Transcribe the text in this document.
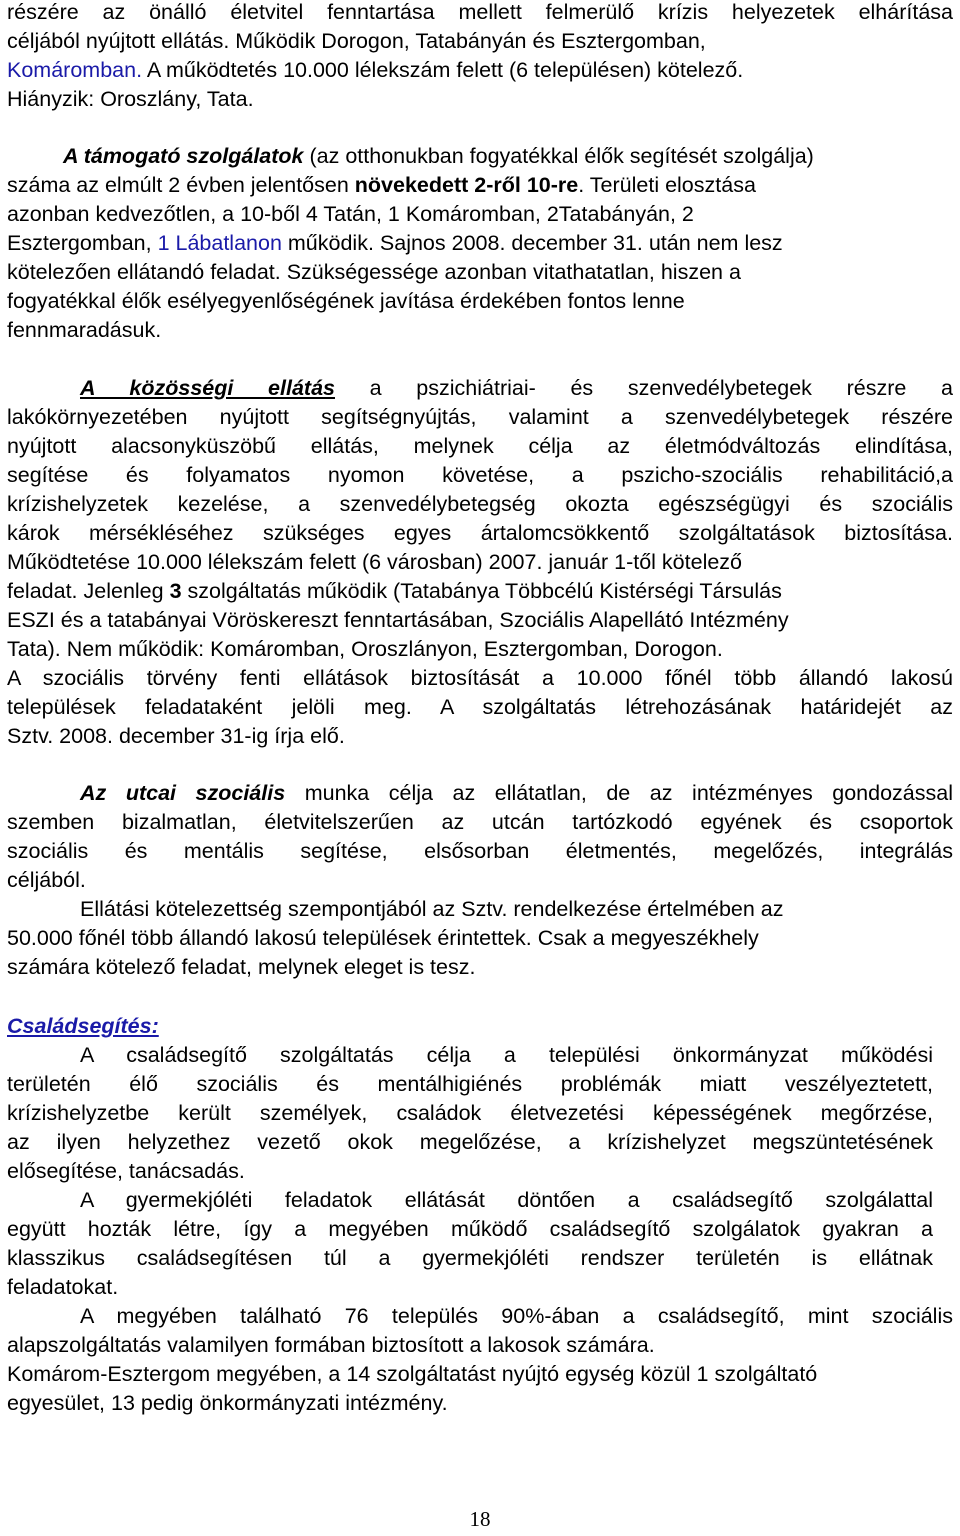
részére az önálló életvitel fenntartása mellett felmerülő krízis helyezetek elhárítása
céljából nyújtott ellátás. Működik Dorogon, Tatabányán és Esztergomban,
Komáromban. A működtetés 10.000 lélekszám felett (6 településen) kötelező.
Hiányzik: Oroszlány, Tata.
A támogató szolgálatok (az otthonukban fogyatékkal élők segítését szolgálja)
száma az elmúlt 2 évben jelentősen növekedett 2-ről 10-re. Területi elosztása
azonban kedvezőtlen, a 10-ből 4 Tatán, 1 Komáromban, 2Tatabányán, 2
Esztergomban, 1 Lábatlanon működik. Sajnos 2008. december 31. után nem lesz
kötelezően ellátandó feladat. Szükségessége azonban vitathatatlan, hiszen a
fogyatékkal élők esélyegyenlőségének javítása érdekében fontos lenne
fennmaradásuk.
A közösségi ellátás a pszichiátriai- és szenvedélybetegek részre a
lakókörnyezetében nyújtott segítségnyújtás, valamint a szenvedélybetegek részére
nyújtott alacsonyküszöbű ellátás, melynek célja az életmódváltozás elindítása,
segítése és folyamatos nyomon követése, a pszicho-szociális rehabilitáció,a
krízishelyzetek kezelése, a szenvedélybetegség okozta egészségügyi és szociális
károk mérsékléséhez szükséges egyes ártalomcsökkentő szolgáltatások biztosítása.
Működtetése 10.000 lélekszám felett (6 városban) 2007. január 1-től kötelező
feladat. Jelenleg 3 szolgáltatás működik (Tatabánya Többcélú Kistérségi Társulás
ESZI és a tatabányai Vöröskereszt fenntartásában, Szociális Alapellátó Intézmény
Tata). Nem működik: Komáromban, Oroszlányon, Esztergomban, Dorogon.
A szociális törvény fenti ellátások biztosítását a 10.000 főnél több állandó lakosú
települések feladataként jelöli meg. A szolgáltatás létrehozásának határidejét az
Sztv. 2008. december 31-ig írja elő.
Az utcai szociális munka célja az ellátatlan, de az intézményes gondozással
szemben bizalmatlan, életvitelszerűen az utcán tartózkodó egyének és csoportok
szociális és mentális segítése, elsősorban életmentés, megelőzés, integrálás
céljából.
Ellátási kötelezettség szempontjából az Sztv. rendelkezése értelmében az
50.000 főnél több állandó lakosú települések érintettek. Csak a megyeszékhely
számára kötelező feladat, melynek eleget is tesz.
Családsegítés:
A családsegítő szolgáltatás célja a települési önkormányzat működési
területén élő szociális és mentálhigiénés problémák miatt veszélyeztetett,
krízishelyzetbe került személyek, családok életvezetési képességének megőrzése,
az ilyen helyzethez vezető okok megelőzése, a krízishelyzet megszüntetésének
elősegítése, tanácsadás.
A gyermekjóléti feladatok ellátását döntően a családsegítő szolgálattal
együtt hozták létre, így a megyében működő családsegítő szolgálatok gyakran a
klasszikus családsegítésen túl a gyermekjóléti rendszer területén is ellátnak
feladatokat.
A megyében található 76 település 90%-ában a családsegítő, mint szociális
alapszolgáltatás valamilyen formában biztosított a lakosok számára.
Komárom-Esztergom megyében, a 14 szolgáltatást nyújtó egység közül 1 szolgáltató
egyesület, 13 pedig önkormányzati intézmény.
18
